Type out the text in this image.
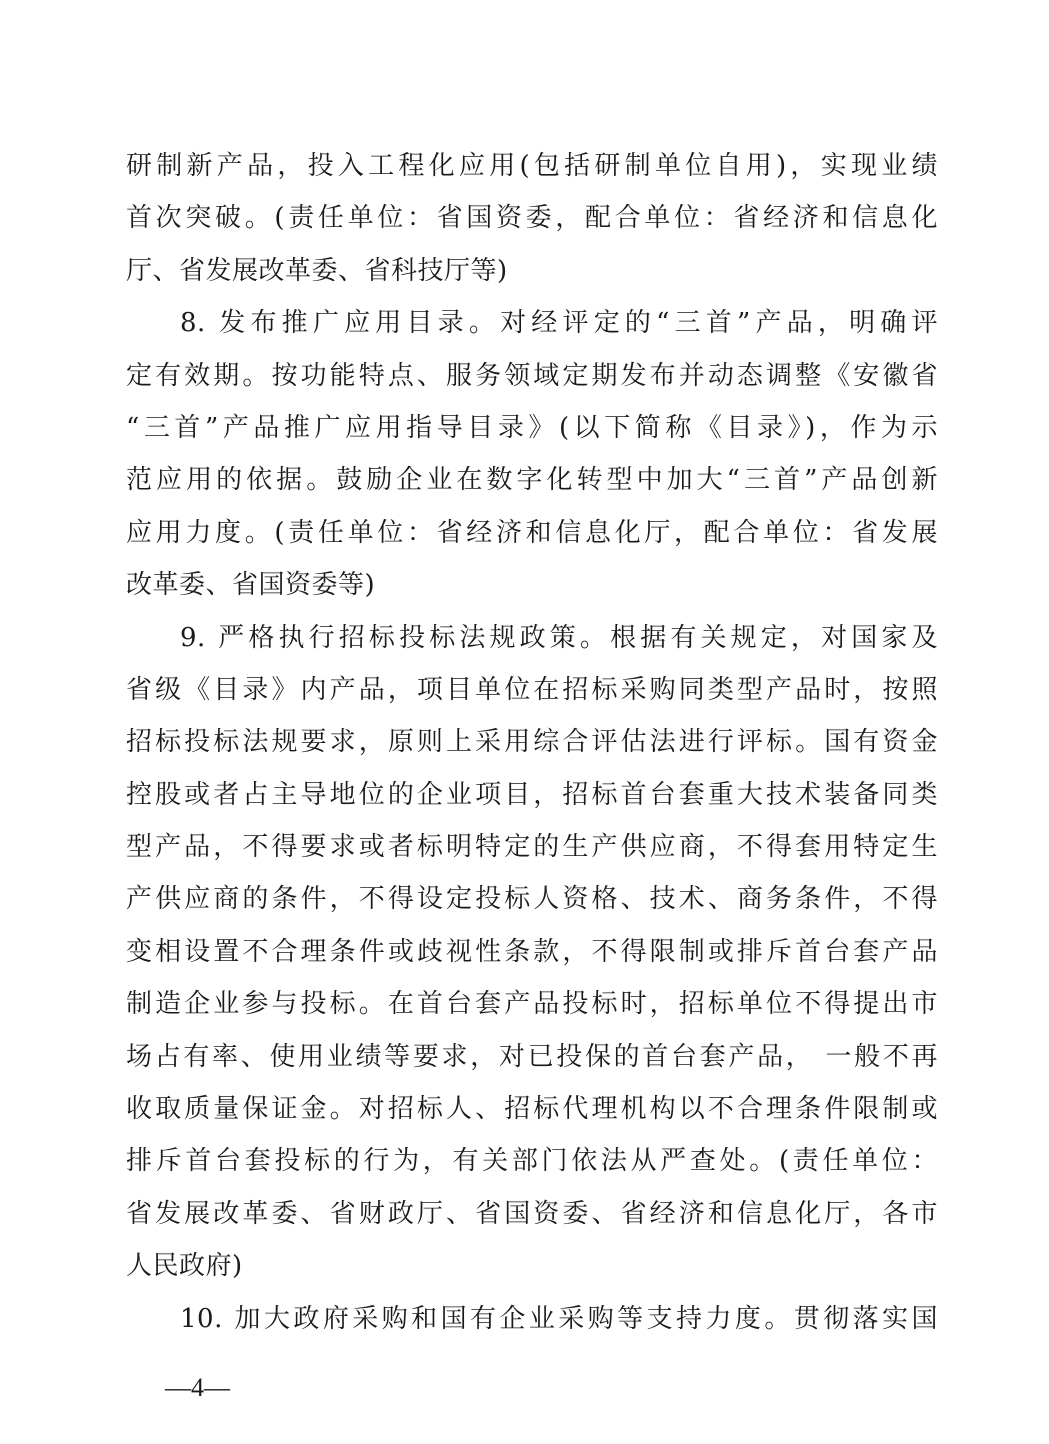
研制新产品，投入工程化应用(包括研制单位自用)，实现业绩
首次突破。(责任单位：省国资委，配合单位：省经济和信息化
厅、省发展改革委、省科技厅等)
8. 发布推广应用目录。对经评定的“三首”产品，明确评
定有效期。按功能特点、服务领域定期发布并动态调整《安徽省
“三首”产品推广应用指导目录》(以下简称《目录》)，作为示
范应用的依据。鼓励企业在数字化转型中加大“三首”产品创新
应用力度。(责任单位：省经济和信息化厅，配合单位：省发展
改革委、省国资委等)
9. 严格执行招标投标法规政策。根据有关规定，对国家及
省级《目录》内产品，项目单位在招标采购同类型产品时，按照
招标投标法规要求，原则上采用综合评估法进行评标。国有资金
控股或者占主导地位的企业项目，招标首台套重大技术装备同类
型产品，不得要求或者标明特定的生产供应商，不得套用特定生
产供应商的条件，不得设定投标人资格、技术、商务条件，不得
变相设置不合理条件或歧视性条款，不得限制或排斥首台套产品
制造企业参与投标。在首台套产品投标时，招标单位不得提出市
场占有率、使用业绩等要求，对已投保的首台套产品， 一般不再
收取质量保证金。对招标人、招标代理机构以不合理条件限制或
排斥首台套投标的行为，有关部门依法从严查处。(责任单位：
省发展改革委、省财政厅、省国资委、省经济和信息化厅，各市
人民政府)
10. 加大政府采购和国有企业采购等支持力度。贯彻落实国
—4—
